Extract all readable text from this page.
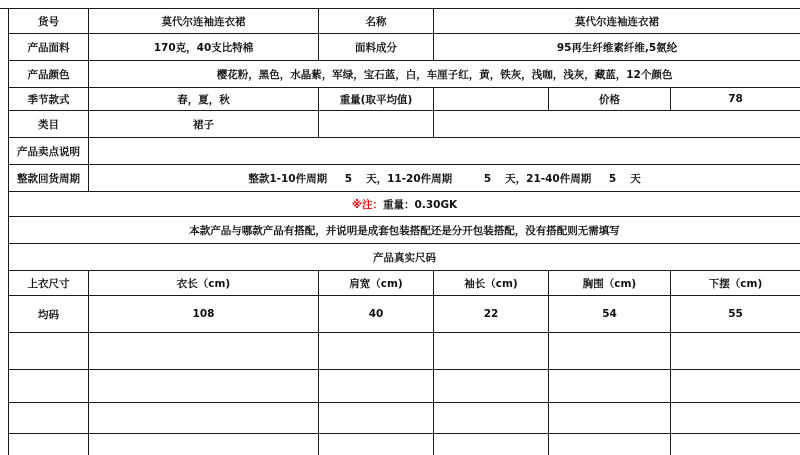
货号	莫代尔连袖连衣裙	名称	莫代尔连袖连衣裙		
产品面料	170克，40支比特棉	面料成分	95再生纤维素纤维,5氨纶		
产品颜色	樱花粉，黑色，水晶紫，军绿，宝石蓝，白，车厘子红，黄，铁灰，浅咖，浅灰，藏蓝，12个颜色				
季节款式	春，夏，秋	重量(取平均值)		价格	78
类目	裙子				
产品卖点说明					
整款回货周期	整款1-10件周期 5 天，11-20件周期 5 天，21-40件周期 5 天				
※注：重量：0.30GK					
本款产品与哪款产品有搭配，并说明是成套包装搭配还是分开包装搭配，没有搭配则无需填写					
产品真实尺码					
上衣尺寸	衣长（cm)	肩宽（cm)	袖长（cm)	胸围（cm)	下摆（cm)
均码	108	40	22	54	55
